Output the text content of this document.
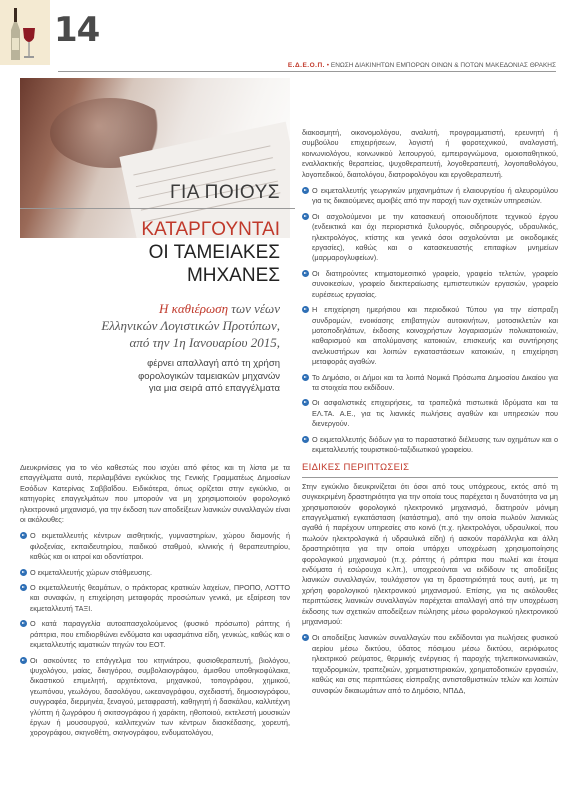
14
Ε.Δ.Ε.Ο.Π. • ΕΝΩΣΗ ΔΙΑΚΙΝΗΤΩΝ ΕΜΠΟΡΩΝ ΟΙΝΩΝ & ΠΟΤΩΝ ΜΑΚΕΔΟΝΙΑΣ ΘΡΑΚΗΣ
ΓΙΑ ΠΟΙΟΥΣ
ΚΑΤΑΡΓΟΥΝΤΑΙ
ΟΙ ΤΑΜΕΙΑΚΕΣ
ΜΗΧΑΝΕΣ
Η καθιέρωση των νέων
Ελληνικών Λογιστικών Προτύπων,
από την 1η Ιανουαρίου 2015,
φέρνει απαλλαγή από τη χρήση
φορολογικών ταμειακών μηχανών
για μια σειρά από επαγγέλματα

Διευκρινίσεις για το νέο καθεστώς που ισχύει από φέτος και τη λίστα με τα επαγγέλματα αυτά, περιλαμβάνει εγκύκλιος της Γενικής Γραμματέως Δημοσίων Εσόδων Κατερίνας Σαββαΐδου. Ειδικότερα, όπως ορίζεται στην εγκύκλιο, οι κατηγορίες επαγγελμάτων που μπορούν να μη χρησιμοποιούν φορολογικό ηλεκτρονικό μηχανισμό, για την έκδοση των αποδείξεων λιανικών συναλλαγών είναι οι ακόλουθες:

Ο εκμεταλλευτής κέντρων αισθητικής, γυμναστηρίων, χώρου διαμονής ή φιλοξενίας, εκπαιδευτηρίου, παιδικού σταθμού, κλινικής ή θεραπευτηρίου, καθώς και οι ιατροί και οδοντίατροι.
Ο εκμεταλλευτής χώρων στάθμευσης.
Ο εκμεταλλευτής θεαμάτων, ο πράκτορας κρατικών λαχείων, ΠΡΟΠΟ, ΛΟΤΤΟ και συναφών, η επιχείρηση μεταφοράς προσώπων γενικά, με εξαίρεση τον εκμεταλλευτή ΤΑΞΙ.
Ο κατά παραγγελία αυτοαπασχολούμενος (φυσικό πρόσωπο) ράπτης ή ράπτρια, που επιδιορθώνει ενδύματα και υφασμάτινα είδη, γενικώς, καθώς και ο εκμεταλλευτής ιαματικών πηγών του ΕΟΤ.
Οι ασκούντες το επάγγελμα του κτηνιάτρου, φυσιοθεραπευτή, βιολόγου, ψυχολόγου, μαίας, δικηγόρου, συμβολαιογράφου, άμισθου υποθηκοφύλακα, δικαστικού επιμελητή, αρχιτέκτονα, μηχανικού, τοπογράφου, χημικού, γεωπόνου, γεωλόγου, δασολόγου, ωκεανογράφου, σχεδιαστή, δημοσιογράφου, συγγραφέα, διερμηνέα, ξεναγού, μεταφραστή, καθηγητή ή δασκάλου, καλλιτέχνη γλύπτη ή ζωγράφου ή σκιτσογράφου ή χαράκτη, ηθοποιού, εκτελεστή μουσικών έργων ή μουσουργού, καλλιτεχνών των κέντρων διασκέδασης, χορευτή, χορογράφου, σκηνοθέτη, σκηνογράφου, ενδυματολόγου,

διακοσμητή, οικονομολόγου, αναλυτή, προγραμματιστή, ερευνητή ή συμβούλου επιχειρήσεων, λογιστή ή φοροτεχνικού, αναλογιστή, κοινωνιολόγου, κοινωνικού λειτουργού, εμπειρογνώμονα, ομοιοπαθητικού, εναλλακτικής θεραπείας, ψυχοθεραπευτή, λογοθεραπευτή, λογοπαθολόγου, λογοπεδικού, διαιτολόγου, διατροφολόγου και εργοθεραπευτή.

Ο εκμεταλλευτής γεωργικών μηχανημάτων ή ελαιουργείου ή αλευρομύλου για τις δικαιούμενες αμοιβές από την παροχή των σχετικών υπηρεσιών.
Οι ασχολούμενοι με την κατασκευή οποιουδήποτε τεχνικού έργου (ενδεικτικά και όχι περιοριστικά ξυλουργός, σιδηρουργός, υδραυλικός, ηλεκτρολόγος, κτίστης και γενικά όσοι ασχολούνται με οικοδομικές εργασίες), καθώς και ο κατασκευαστής επιταφίων μνημείων (μαρμαρογλυφείων).
Οι διατηρούντες κτηματομεσιτικό γραφείο, γραφείο τελετών, γραφείο συνοικεσίων, γραφείο διεκπεραίωσης εμπιστευτικών εργασιών, γραφείο ευρέσεως εργασίας.
Η επιχείρηση ημερήσιου και περιοδικού Τύπου για την είσπραξη συνδρομών, ενοικίασης επιβατηγών αυτοκινήτων, μοτοσικλετών και μοτοποδηλάτων, έκδοσης κοινοχρήστων λογαριασμών πολυκατοικιών, καθαρισμού και απολύμανσης κατοικιών, επισκευής και συντήρησης ανελκυστήρων και λοιπών εγκαταστάσεων κατοικιών, η επιχείρηση μεταφοράς αγαθών.
Το Δημόσιο, οι Δήμοι και τα λοιπά Νομικά Πρόσωπα Δημοσίου Δικαίου για τα στοιχεία που εκδίδουν.
Οι ασφαλιστικές επιχειρήσεις, τα τραπεζικά πιστωτικά Ιδρύματα και τα ΕΛ.ΤΑ. Α.Ε., για τις λιανικές πωλήσεις αγαθών και υπηρεσιών που διενεργούν.
Ο εκμεταλλευτής διόδων για το παραστατικό διέλευσης των οχημάτων και ο εκμεταλλευτής τουριστικού-ταξιδιωτικού γραφείου.
ΕΙΔΙΚΕΣ ΠΕΡΙΠΤΩΣΕΙΣ

Στην εγκύκλιο διευκρινίζεται ότι όσοι από τους υπόχρεους, εκτός από τη συγκεκριμένη δραστηριότητα για την οποία τους παρέχεται η δυνατότητα να μη χρησιμοποιούν φορολογικό ηλεκτρονικό μηχανισμό, διατηρούν μόνιμη επαγγελματική εγκατάσταση (κατάστημα), από την οποία πωλούν λιανικώς αγαθά ή παρέχουν υπηρεσίες στο κοινό (π.χ. ηλεκτρολόγοι, υδραυλικοί, που πωλούν ηλεκτρολογικά ή υδραυλικά είδη) ή ασκούν παράλληλα και άλλη δραστηριότητα για την οποία υπάρχει υποχρέωση χρησιμοποίησης φορολογικού μηχανισμού (π.χ. ράπτης ή ράπτρια που πωλεί και έτοιμα ενδύματα ή εσώρουχα κ.λπ.), υποχρεούνται να εκδίδουν τις αποδείξεις λιανικών συναλλαγών, τουλάχιστον για τη δραστηριότητά τους αυτή, με τη χρήση φορολογικού ηλεκτρονικού μηχανισμού. Επίσης, για τις ακόλουθες περιπτώσεις λιανικών συναλλαγών παρέχεται απαλλαγή από την υποχρέωση έκδοσης των σχετικών αποδείξεων πώλησης μέσω φορολογικού ηλεκτρονικού μηχανισμού:

Οι αποδείξεις λιανικών συναλλαγών που εκδίδονται για πωλήσεις φυσικού αερίου μέσω δικτύου, ύδατος πόσιμου μέσω δικτύου, αεριόφωτος ηλεκτρικού ρεύματος, θερμικής ενέργειας ή παροχής τηλεπικοινωνιακών, ταχυδρομικών, τραπεζικών, χρηματιστηριακών, χρηματοδοτικών εργασιών, καθώς και στις περιπτώσεις είσπραξης αντισταθμιστικών τελών και λοιπών συναφών δικαιωμάτων από το Δημόσιο, ΝΠΔΔ,
